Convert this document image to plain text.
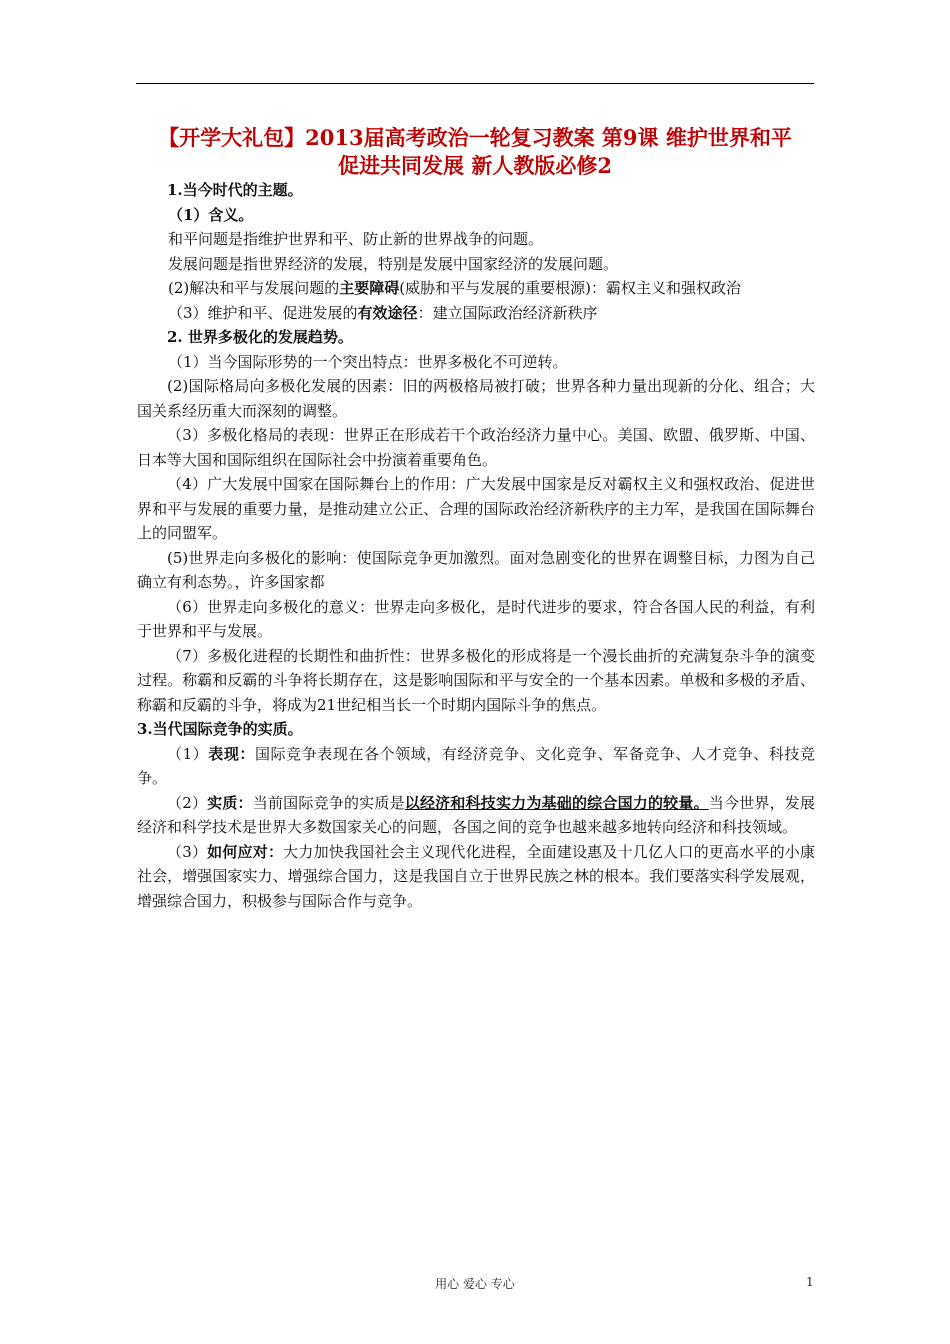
【开学大礼包】2013届高考政治一轮复习教案 第9课 维护世界和平
促进共同发展 新人教版必修2

1.当今时代的主题。

（1）含义。

和平问题是指维护世界和平、防止新的世界战争的问题。

发展问题是指世界经济的发展，特别是发展中国家经济的发展问题。

(2)解决和平与发展问题的主要障碍(威胁和平与发展的重要根源)：霸权主义和强权政治

（3）维护和平、促进发展的有效途径：建立国际政治经济新秩序

2. 世界多极化的发展趋势。

（1）当今国际形势的一个突出特点：世界多极化不可逆转。

(2)国际格局向多极化发展的因素：旧的两极格局被打破；世界各种力量出现新的分化、组合；大国关系经历重大而深刻的调整。

（3）多极化格局的表现：世界正在形成若干个政治经济力量中心。美国、欧盟、俄罗斯、中国、日本等大国和国际组织在国际社会中扮演着重要角色。

（4）广大发展中国家在国际舞台上的作用：广大发展中国家是反对霸权主义和强权政治、促进世界和平与发展的重要力量，是推动建立公正、合理的国际政治经济新秩序的主力军，是我国在国际舞台上的同盟军。

(5)世界走向多极化的影响：使国际竞争更加激烈。面对急剧变化的世界在调整目标，力图为自己确立有利态势。，许多国家都

（6）世界走向多极化的意义：世界走向多极化，是时代进步的要求，符合各国人民的利益，有利于世界和平与发展。

（7）多极化进程的长期性和曲折性：世界多极化的形成将是一个漫长曲折的充满复杂斗争的演变过程。称霸和反霸的斗争将长期存在，这是影响国际和平与安全的一个基本因素。单极和多极的矛盾、称霸和反霸的斗争，将成为21世纪相当长一个时期内国际斗争的焦点。

3.当代国际竞争的实质。

（1）表现：国际竞争表现在各个领域，有经济竞争、文化竞争、军备竞争、人才竞争、科技竞争。

（2）实质：当前国际竞争的实质是以经济和科技实力为基础的综合国力的较量。当今世界，发展经济和科学技术是世界大多数国家关心的问题，各国之间的竞争也越来越多地转向经济和科技领域。

（3）如何应对：大力加快我国社会主义现代化进程，全面建设惠及十几亿人口的更高水平的小康社会，增强国家实力、增强综合国力，这是我国自立于世界民族之林的根本。我们要落实科学发展观，增强综合国力，积极参与国际合作与竞争。

用心 爱心 专心	1
